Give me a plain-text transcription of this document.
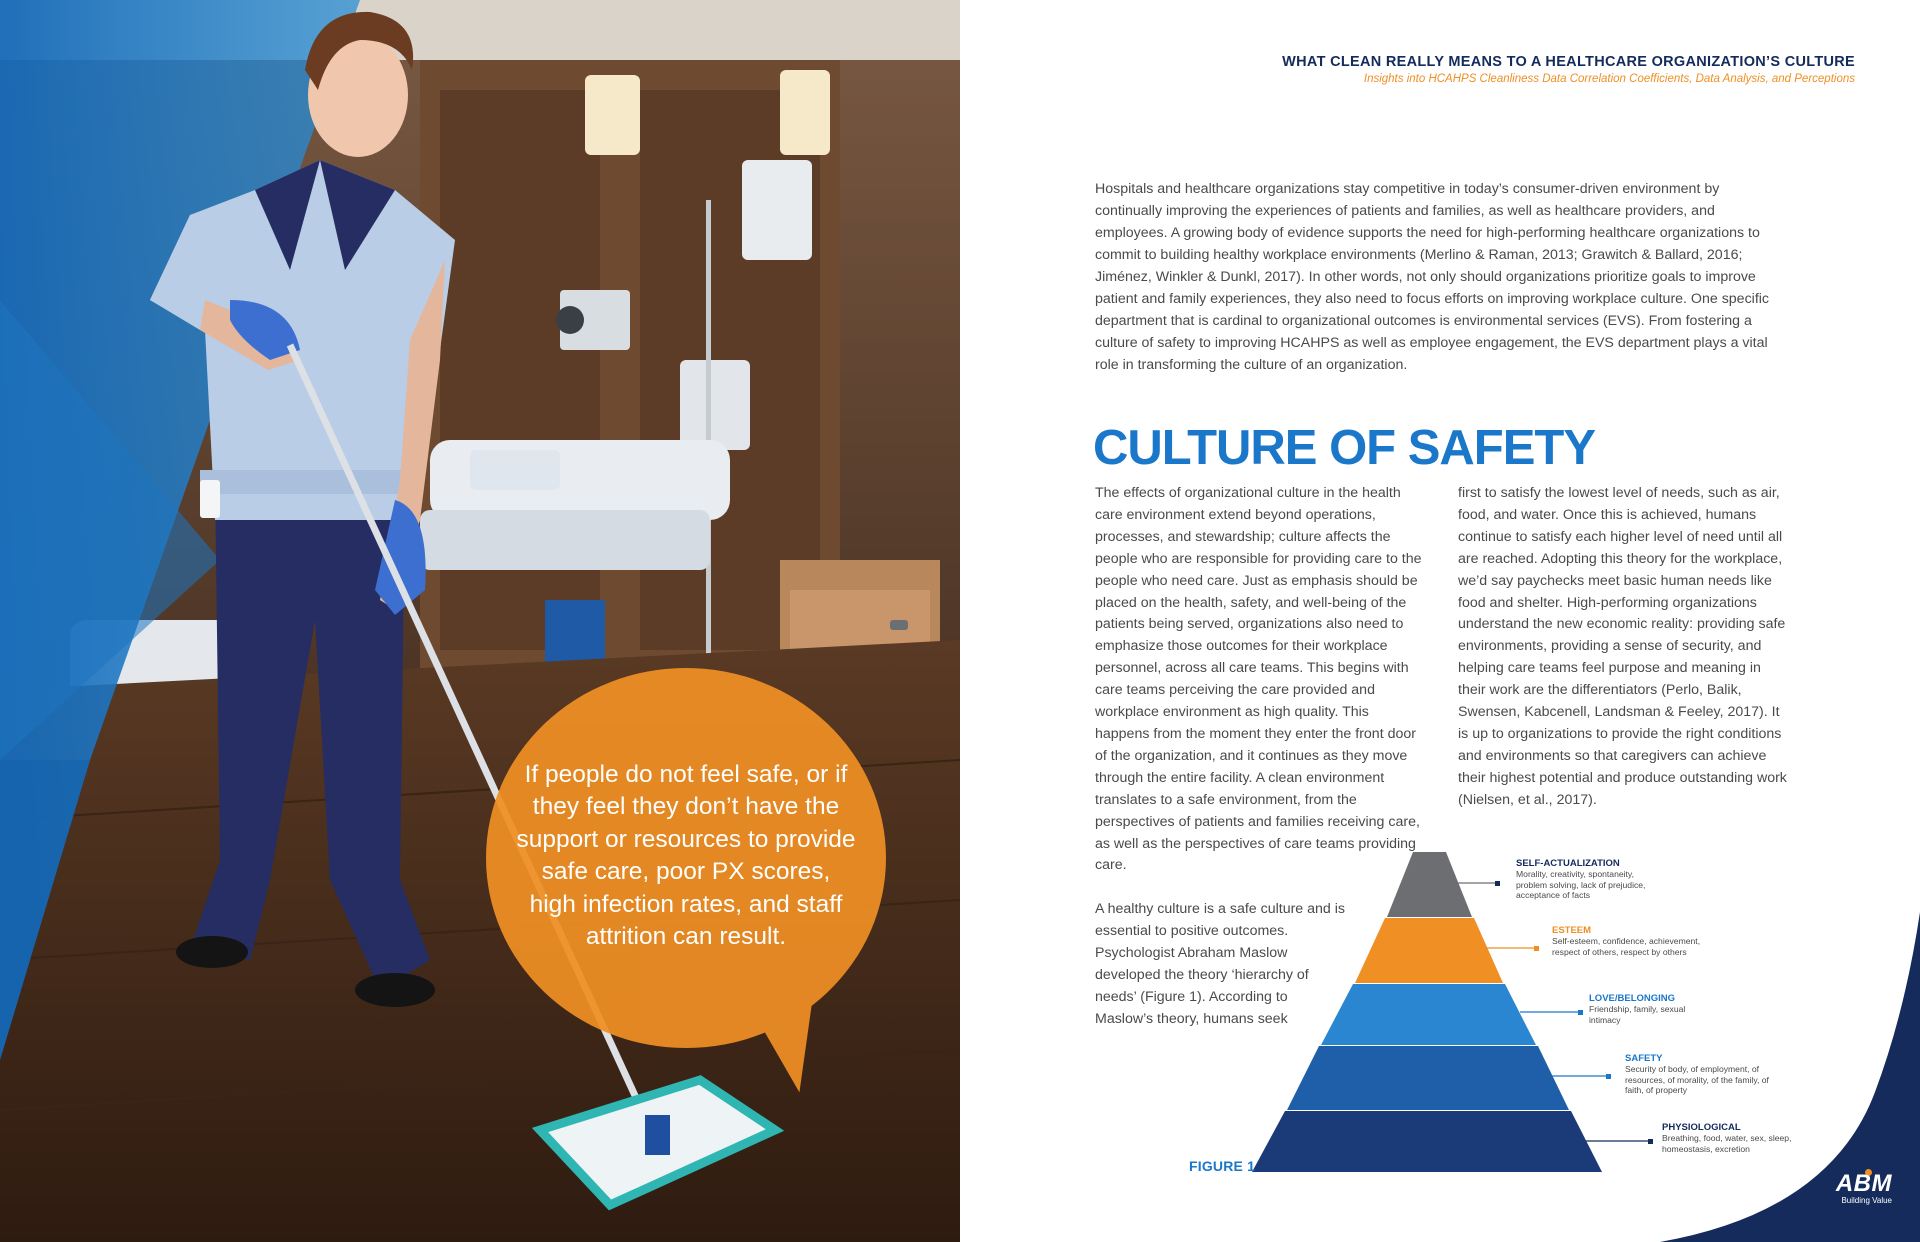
If people do not feel safe, or if they feel they don’t have the support or resources to provide safe care, poor PX scores, high infection rates, and staff attrition can result.

WHAT CLEAN REALLY MEANS TO A HEALTHCARE ORGANIZATION’S CULTURE
Insights into HCAHPS Cleanliness Data Correlation Coefficients, Data Analysis, and Perceptions

Hospitals and healthcare organizations stay competitive in today’s consumer-driven environment by continually improving the experiences of patients and families, as well as healthcare providers, and employees. A growing body of evidence supports the need for high-performing healthcare organizations to commit to building healthy workplace environments (Merlino & Raman, 2013; Grawitch & Ballard, 2016; Jiménez, Winkler & Dunkl, 2017). In other words, not only should organizations prioritize goals to improve patient and family experiences, they also need to focus efforts on improving workplace culture. One specific department that is cardinal to organizational outcomes is environmental services (EVS). From fostering a culture of safety to improving HCAHPS as well as employee engagement, the EVS department plays a vital role in transforming the culture of an organization.

CULTURE OF SAFETY

The effects of organizational culture in the health care environment extend beyond operations, processes, and stewardship; culture affects the people who are responsible for providing care to the people who need care. Just as emphasis should be placed on the health, safety, and well-being of the patients being served, organizations also need to emphasize those outcomes for their workplace personnel, across all care teams. This begins with care teams perceiving the care provided and workplace environment as high quality. This happens from the moment they enter the front door of the organization, and it continues as they move through the entire facility. A clean environment translates to a safe environment, from the perspectives of patients and families receiving care, as well as the perspectives of care teams providing care.

A healthy culture is a safe culture and is essential to positive outcomes. Psychologist Abraham Maslow developed the theory ‘hierarchy of needs’ (Figure 1). According to Maslow’s theory, humans seek

first to satisfy the lowest level of needs, such as air, food, and water. Once this is achieved, humans continue to satisfy each higher level of need until all are reached. Adopting this theory for the workplace, we’d say paychecks meet basic human needs like food and shelter. High-performing organizations understand the new economic reality: providing safe environments, providing a sense of security, and helping care teams feel purpose and meaning in their work are the differentiators (Perlo, Balik, Swensen, Kabcenell, Landsman & Feeley, 2017). It is up to organizations to provide the right conditions and environments so that caregivers can achieve their highest potential and produce outstanding work (Nielsen, et al., 2017).

SELF-ACTUALIZATION
Morality, creativity, spontaneity, problem solving, lack of prejudice, acceptance of facts
ESTEEM
Self-esteem, confidence, achievement, respect of others, respect by others
LOVE/BELONGING
Friendship, family, sexual intimacy
SAFETY
Security of body, of employment, of resources, of morality, of the family, of faith, of property
PHYSIOLOGICAL
Breathing, food, water, sex, sleep, homeostasis, excretion
FIGURE 1
ABM
Building Value
